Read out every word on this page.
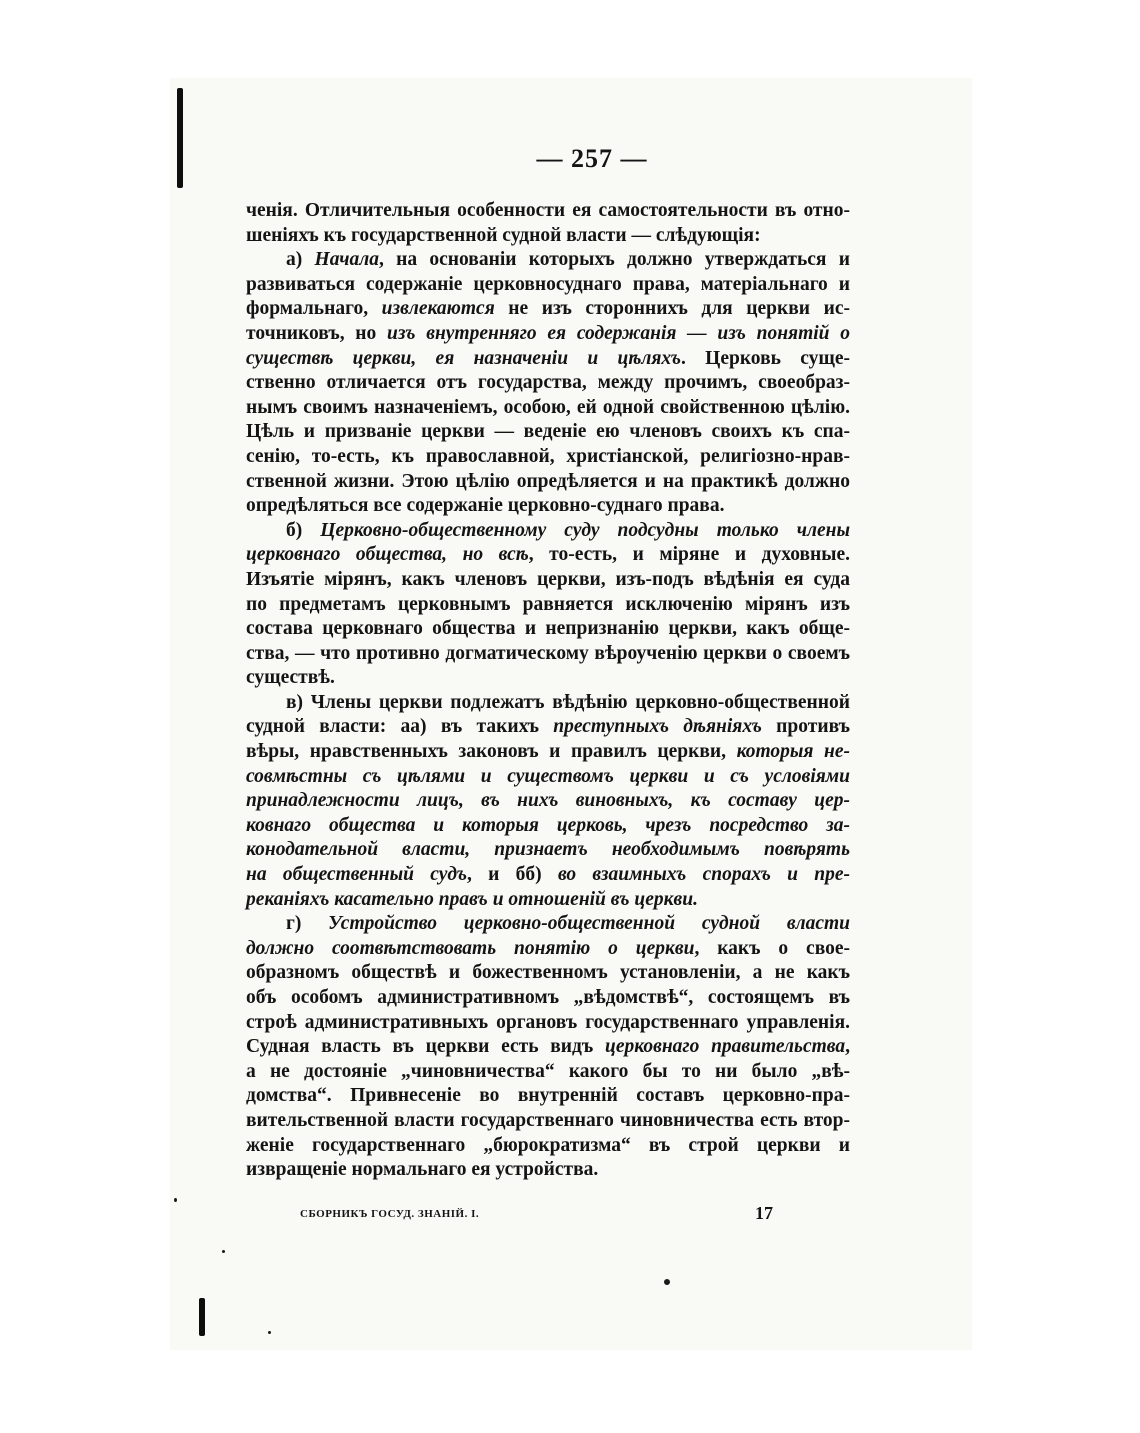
— 257 —
ченія. Отличительныя особенности ея самостоятельности въ отно-
шеніяхъ къ государственной судной власти — слѣдующія:
а) Начала, на основаніи которыхъ должно утверждаться и
развиваться содержаніе церковносуднаго права, матеріальнаго и
формальнаго, извлекаются не изъ стороннихъ для церкви ис-
точниковъ, но изъ внутренняго ея содержанія — изъ понятій о
существѣ церкви, ея назначеніи и цѣляхъ. Церковь суще-
ственно отличается отъ государства, между прочимъ, своеобраз-
нымъ своимъ назначеніемъ, особою, ей одной свойственною цѣлію.
Цѣль и призваніе церкви — веденіе ею членовъ своихъ къ спа-
сенію, то-есть, къ православной, христіанской, религіозно-нрав-
ственной жизни. Этою цѣлію опредѣляется и на практикѣ должно
опредѣляться все содержаніе церковно-суднаго права.
б) Церковно-общественному суду подсудны только члены
церковнаго общества, но всѣ, то-есть, и міряне и духовные.
Изъятіе мірянъ, какъ членовъ церкви, изъ-подъ вѣдѣнія ея суда
по предметамъ церковнымъ равняется исключенію мірянъ изъ
состава церковнаго общества и непризнанію церкви, какъ обще-
ства, — что противно догматическому вѣроученію церкви о своемъ
существѣ.
в) Члены церкви подлежатъ вѣдѣнію церковно-общественной
судной власти: аа) въ такихъ преступныхъ дѣяніяхъ противъ
вѣры, нравственныхъ законовъ и правилъ церкви, которыя не-
совмѣстны съ цѣлями и существомъ церкви и съ условіями
принадлежности лицъ, въ нихъ виновныхъ, къ составу цер-
ковнаго общества и которыя церковь, чрезъ посредство за-
конодательной власти, признаетъ необходимымъ повѣрять
на общественный судъ, и бб) во взаимныхъ спорахъ и пре-
реканіяхъ касательно правъ и отношеній въ церкви.
г) Устройство церковно-общественной судной власти
должно соотвѣтствовать понятію о церкви, какъ о свое-
образномъ обществѣ и божественномъ установленіи, а не какъ
объ особомъ административномъ „вѣдомствѣ“, состоящемъ въ
строѣ административныхъ органовъ государственнаго управленія.
Судная власть въ церкви есть видъ церковнаго правительства,
а не достояніе „чиновничества“ какого бы то ни было „вѣ-
домства“. Привнесеніе во внутренній составъ церковно-пра-
вительственной власти государственнаго чиновничества есть втор-
женіе государственнаго „бюрократизма“ въ строй церкви и
извращеніе нормальнаго ея устройства.
СБОРНИКЪ ГОСУД. ЗНАНІЙ. I.	17
